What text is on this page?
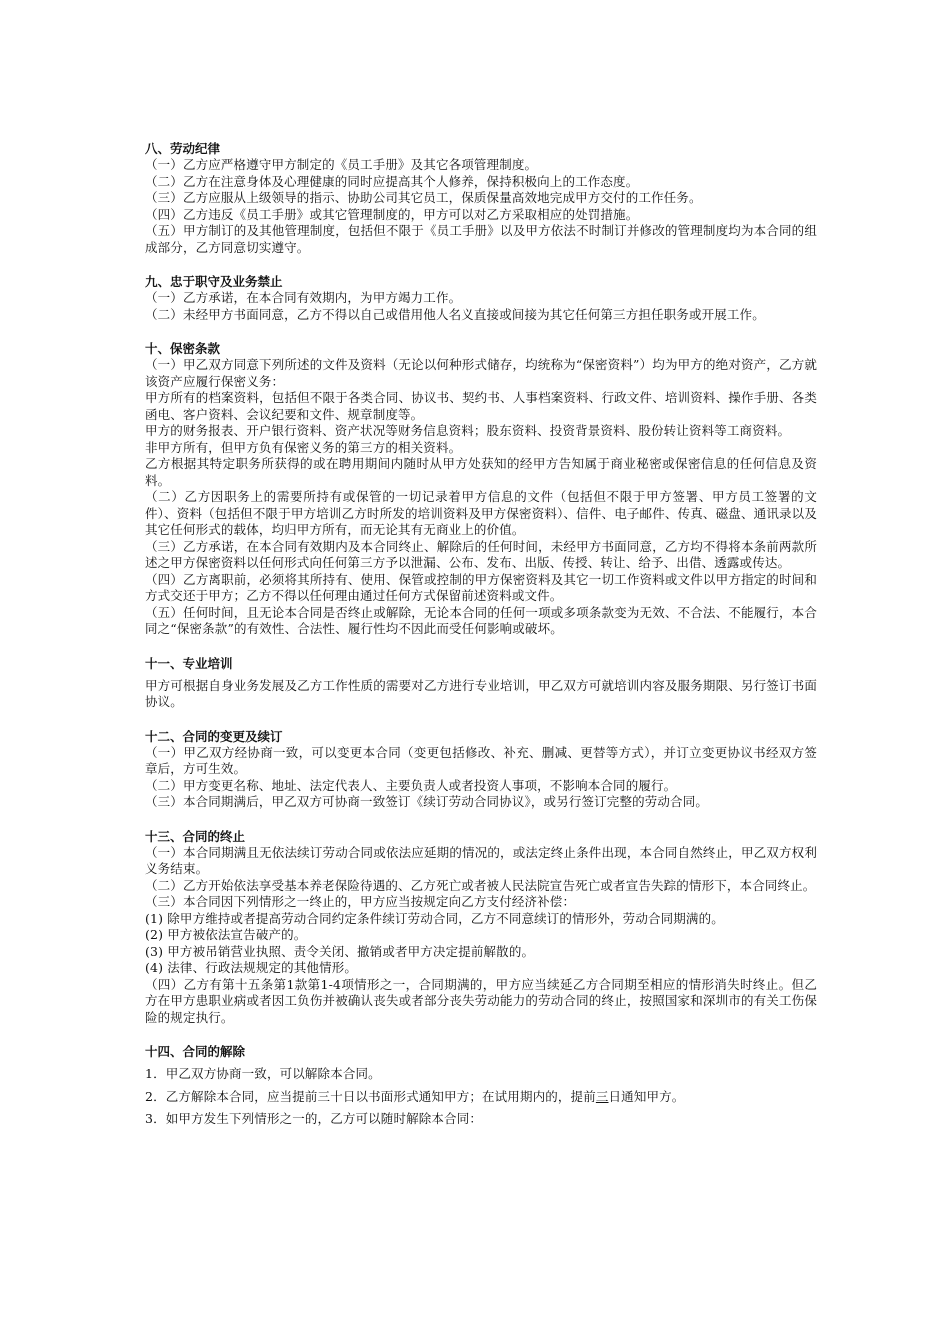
八、劳动纪律

（一）乙方应严格遵守甲方制定的《员工手册》及其它各项管理制度。

（二）乙方在注意身体及心理健康的同时应提高其个人修养，保持积极向上的工作态度。

（三）乙方应服从上级领导的指示、协助公司其它员工，保质保量高效地完成甲方交付的工作任务。

（四）乙方违反《员工手册》或其它管理制度的，甲方可以对乙方采取相应的处罚措施。

（五）甲方制订的及其他管理制度，包括但不限于《员工手册》以及甲方依法不时制订并修改的管理制度均为本合同的组成部分，乙方同意切实遵守。

九、忠于职守及业务禁止

（一）乙方承诺，在本合同有效期内，为甲方竭力工作。

（二）未经甲方书面同意，乙方不得以自己或借用他人名义直接或间接为其它任何第三方担任职务或开展工作。

十、保密条款

（一）甲乙双方同意下列所述的文件及资料（无论以何种形式储存，均统称为“保密资料”）均为甲方的绝对资产，乙方就该资产应履行保密义务：

甲方所有的档案资料，包括但不限于各类合同、协议书、契约书、人事档案资料、行政文件、培训资料、操作手册、各类函电、客户资料、会议纪要和文件、规章制度等。

甲方的财务报表、开户银行资料、资产状况等财务信息资料；股东资料、投资背景资料、股份转让资料等工商资料。

非甲方所有，但甲方负有保密义务的第三方的相关资料。

乙方根据其特定职务所获得的或在聘用期间内随时从甲方处获知的经甲方告知属于商业秘密或保密信息的任何信息及资料。

（二）乙方因职务上的需要所持有或保管的一切记录着甲方信息的文件（包括但不限于甲方签署、甲方员工签署的文件）、资料（包括但不限于甲方培训乙方时所发的培训资料及甲方保密资料）、信件、电子邮件、传真、磁盘、通讯录以及其它任何形式的载体，均归甲方所有，而无论其有无商业上的价值。

（三）乙方承诺，在本合同有效期内及本合同终止、解除后的任何时间，未经甲方书面同意，乙方均不得将本条前两款所述之甲方保密资料以任何形式向任何第三方予以泄漏、公布、发布、出版、传授、转让、给予、出借、透露或传达。

（四）乙方离职前，必须将其所持有、使用、保管或控制的甲方保密资料及其它一切工作资料或文件以甲方指定的时间和方式交还于甲方；乙方不得以任何理由通过任何方式保留前述资料或文件。

（五）任何时间，且无论本合同是否终止或解除，无论本合同的任何一项或多项条款变为无效、不合法、不能履行，本合同之“保密条款”的有效性、合法性、履行性均不因此而受任何影响或破坏。

十一、专业培训

甲方可根据自身业务发展及乙方工作性质的需要对乙方进行专业培训，甲乙双方可就培训内容及服务期限、另行签订书面协议。

十二、合同的变更及续订

（一）甲乙双方经协商一致，可以变更本合同（变更包括修改、补充、删减、更替等方式），并订立变更协议书经双方签章后，方可生效。

（二）甲方变更名称、地址、法定代表人、主要负责人或者投资人事项，不影响本合同的履行。

（三）本合同期满后，甲乙双方可协商一致签订《续订劳动合同协议》，或另行签订完整的劳动合同。

十三、合同的终止

（一）本合同期满且无依法续订劳动合同或依法应延期的情况的，或法定终止条件出现，本合同自然终止，甲乙双方权利义务结束。

（二）乙方开始依法享受基本养老保险待遇的、乙方死亡或者被人民法院宣告死亡或者宣告失踪的情形下，本合同终止。

（三）本合同因下列情形之一终止的，甲方应当按规定向乙方支付经济补偿：

(1) 除甲方维持或者提高劳动合同约定条件续订劳动合同，乙方不同意续订的情形外，劳动合同期满的。

(2) 甲方被依法宣告破产的。

(3) 甲方被吊销营业执照、责令关闭、撤销或者甲方决定提前解散的。

(4) 法律、行政法规规定的其他情形。

（四）乙方有第十五条第1款第1-4项情形之一，合同期满的，甲方应当续延乙方合同期至相应的情形消失时终止。但乙方在甲方患职业病或者因工负伤并被确认丧失或者部分丧失劳动能力的劳动合同的终止，按照国家和深圳市的有关工伤保险的规定执行。

十四、合同的解除

1．甲乙双方协商一致，可以解除本合同。

2．乙方解除本合同，应当提前三十日以书面形式通知甲方；在试用期内的，提前三日通知甲方。

3．如甲方发生下列情形之一的，乙方可以随时解除本合同：
